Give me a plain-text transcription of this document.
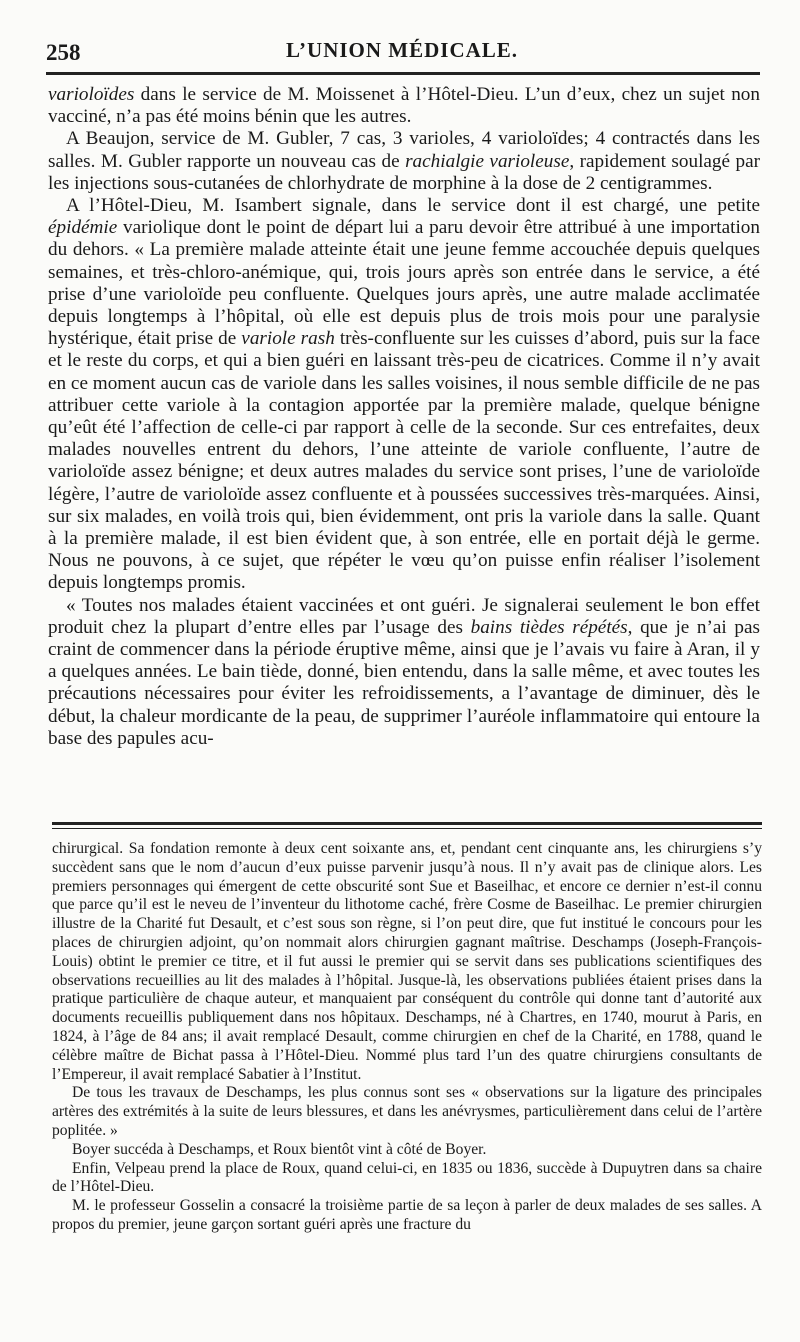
258	L’UNION MÉDICALE.

varioloïdes dans le service de M. Moissenet à l’Hôtel-Dieu. L’un d’eux, chez un sujet non vacciné, n’a pas été moins bénin que les autres.

A Beaujon, service de M. Gubler, 7 cas, 3 varioles, 4 varioloïdes; 4 contractés dans les salles. M. Gubler rapporte un nouveau cas de rachialgie varioleuse, rapidement soulagé par les injections sous-cutanées de chlorhydrate de morphine à la dose de 2 centigrammes.

A l’Hôtel-Dieu, M. Isambert signale, dans le service dont il est chargé, une petite épidémie variolique dont le point de départ lui a paru devoir être attribué à une importation du dehors. « La première malade atteinte était une jeune femme accouchée depuis quelques semaines, et très-chloro-anémique, qui, trois jours après son entrée dans le service, a été prise d’une varioloïde peu confluente. Quelques jours après, une autre malade acclimatée depuis longtemps à l’hôpital, où elle est depuis plus de trois mois pour une paralysie hystérique, était prise de variole rash très-confluente sur les cuisses d’abord, puis sur la face et le reste du corps, et qui a bien guéri en laissant très-peu de cicatrices. Comme il n’y avait en ce moment aucun cas de variole dans les salles voisines, il nous semble difficile de ne pas attribuer cette variole à la contagion apportée par la première malade, quelque bénigne qu’eût été l’affection de celle-ci par rapport à celle de la seconde. Sur ces entrefaites, deux malades nouvelles entrent du dehors, l’une atteinte de variole confluente, l’autre de varioloïde assez bénigne; et deux autres malades du service sont prises, l’une de varioloïde légère, l’autre de varioloïde assez confluente et à poussées successives très-marquées. Ainsi, sur six malades, en voilà trois qui, bien évidemment, ont pris la variole dans la salle. Quant à la première malade, il est bien évident que, à son entrée, elle en portait déjà le germe. Nous ne pouvons, à ce sujet, que répéter le vœu qu’on puisse enfin réaliser l’isolement depuis longtemps promis.

« Toutes nos malades étaient vaccinées et ont guéri. Je signalerai seulement le bon effet produit chez la plupart d’entre elles par l’usage des bains tièdes répétés, que je n’ai pas craint de commencer dans la période éruptive même, ainsi que je l’avais vu faire à Aran, il y a quelques années. Le bain tiède, donné, bien entendu, dans la salle même, et avec toutes les précautions nécessaires pour éviter les refroidissements, a l’avantage de diminuer, dès le début, la chaleur mordicante de la peau, de supprimer l’auréole inflammatoire qui entoure la base des papules acu-

chirurgical. Sa fondation remonte à deux cent soixante ans, et, pendant cent cinquante ans, les chirurgiens s’y succèdent sans que le nom d’aucun d’eux puisse parvenir jusqu’à nous. Il n’y avait pas de clinique alors. Les premiers personnages qui émergent de cette obscurité sont Sue et Baseilhac, et encore ce dernier n’est-il connu que parce qu’il est le neveu de l’inventeur du lithotome caché, frère Cosme de Baseilhac. Le premier chirurgien illustre de la Charité fut Desault, et c’est sous son règne, si l’on peut dire, que fut institué le concours pour les places de chirurgien adjoint, qu’on nommait alors chirurgien gagnant maîtrise. Deschamps (Joseph-François-Louis) obtint le premier ce titre, et il fut aussi le premier qui se servit dans ses publications scientifiques des observations recueillies au lit des malades à l’hôpital. Jusque-là, les observations publiées étaient prises dans la pratique particulière de chaque auteur, et manquaient par conséquent du contrôle qui donne tant d’autorité aux documents recueillis publiquement dans nos hôpitaux. Deschamps, né à Chartres, en 1740, mourut à Paris, en 1824, à l’âge de 84 ans; il avait remplacé Desault, comme chirurgien en chef de la Charité, en 1788, quand le célèbre maître de Bichat passa à l’Hôtel-Dieu. Nommé plus tard l’un des quatre chirurgiens consultants de l’Empereur, il avait remplacé Sabatier à l’Institut.

De tous les travaux de Deschamps, les plus connus sont ses « observations sur la ligature des principales artères des extrémités à la suite de leurs blessures, et dans les anévrysmes, particulièrement dans celui de l’artère poplitée. »

Boyer succéda à Deschamps, et Roux bientôt vint à côté de Boyer.

Enfin, Velpeau prend la place de Roux, quand celui-ci, en 1835 ou 1836, succède à Dupuytren dans sa chaire de l’Hôtel-Dieu.

M. le professeur Gosselin a consacré la troisième partie de sa leçon à parler de deux malades de ses salles. A propos du premier, jeune garçon sortant guéri après une fracture du
